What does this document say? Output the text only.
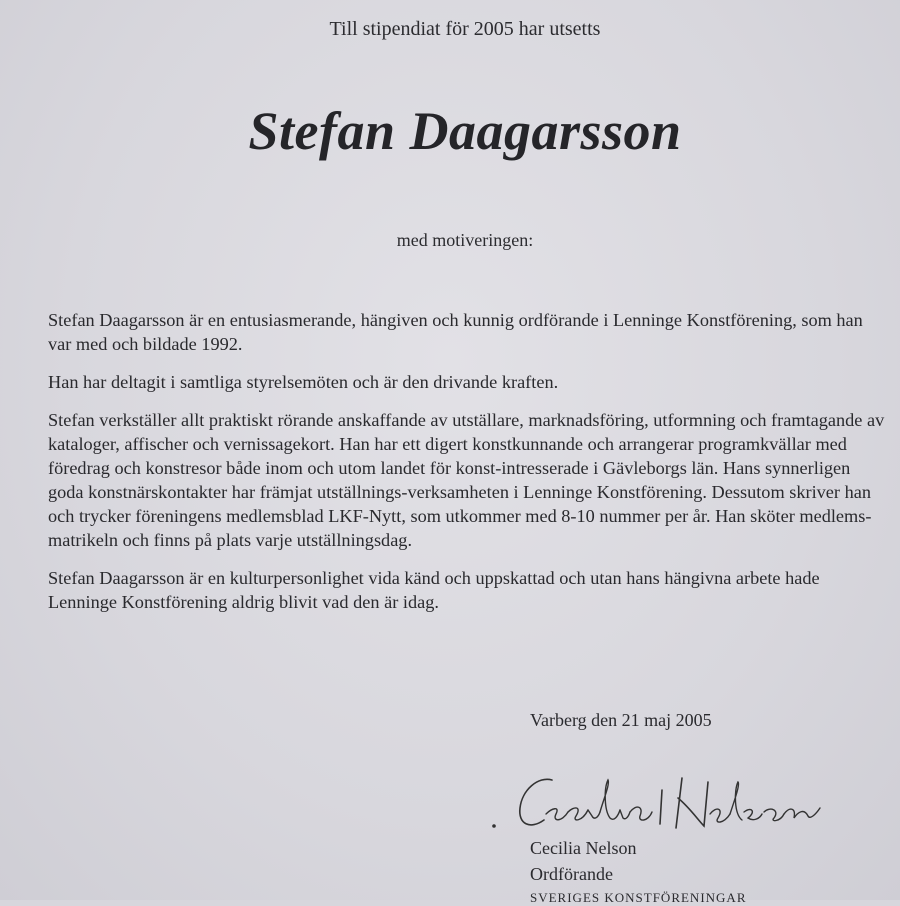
Till stipendiat för 2005 har utsetts
Stefan Daagarsson
med motiveringen:

Stefan Daagarsson är en entusiasmerande, hängiven och kunnig ordförande i Lenninge Konstförening, som han var med och bildade 1992.

Han har deltagit i samtliga styrelsemöten och är den drivande kraften.

Stefan verkställer allt praktiskt rörande anskaffande av utställare, marknadsföring, utformning och framtagande av kataloger, affischer och vernissagekort. Han har ett digert konstkunnande och arrangerar programkvällar med föredrag och konstresor både inom och utom landet för konst-intresserade i Gävleborgs län. Hans synnerligen goda konstnärskontakter har främjat utställnings-verksamheten i Lenninge Konstförening. Dessutom skriver han och trycker föreningens medlemsblad LKF-Nytt, som utkommer med 8-10 nummer per år. Han sköter medlems-matrikeln och finns på plats varje utställningsdag.

Stefan Daagarsson är en kulturpersonlighet vida känd och uppskattad och utan hans hängivna arbete hade Lenninge Konstförening aldrig blivit vad den är idag.

Varberg den 21 maj 2005
Cecilia Nelson
Ordförande
SVERIGES KONSTFÖRENINGAR
